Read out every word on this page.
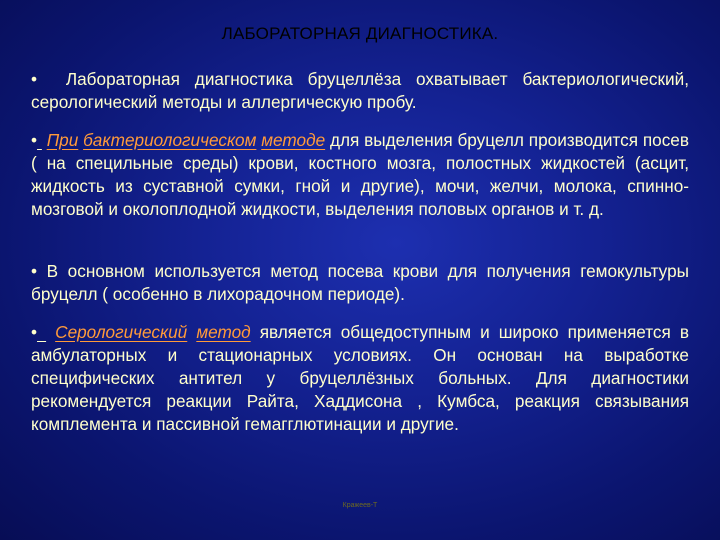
ЛАБОРАТОРНАЯ ДИАГНОСТИКА.

• Лабораторная диагностика бруцеллёза охватывает бактериологический, серологический методы и аллергическую пробу.

• При бактериологическом методе для выделения бруцелл производится посев ( на специльные среды) крови, костного мозга, полостных жидкостей (асцит, жидкость из суставной сумки, гной и другие), мочи, желчи, молока, спинно-мозговой и околоплодной жидкости, выделения половых органов и т. д.

• В основном используется метод посева крови для получения гемокультуры бруцелл ( особенно в лихорадочном периоде).

• Серологический метод является общедоступным и широко применяется в амбулаторных и стационарных условиях. Он основан на выработке специфических антител у бруцеллёзных больных. Для диагностики рекомендуется реакции Райта, Хаддисона , Кумбса, реакция связывания комплемента и пассивной гемагглютинации и другие.

Кражеев-Т
